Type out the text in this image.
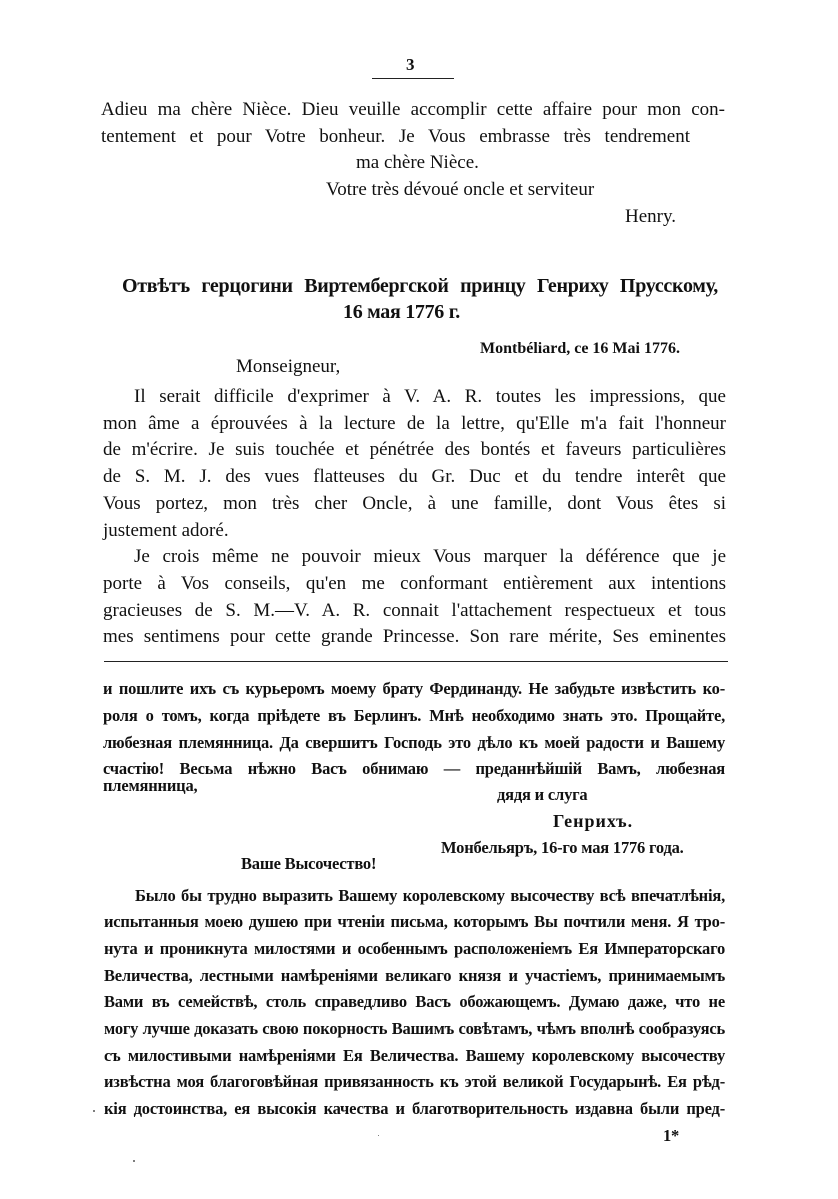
3
Adieu ma chère Nièce. Dieu veuille accomplir cette affaire pour mon con-
tentement et pour Votre bonheur. Je Vous embrasse très tendrement
ma chère Nièce.
Votre très dévoué oncle et serviteur
Henry.
Отвѣтъ герцогини Виртембергской принцу Генриху Прусскому,
16 мая 1776 г.
Montbéliard, ce 16 Mai 1776.
Monseigneur,
Il serait difficile d'exprimer à V. A. R. toutes les impressions, que
mon âme a éprouvées à la lecture de la lettre, qu'Elle m'a fait l'honneur
de m'écrire. Je suis touchée et pénétrée des bontés et faveurs particulières
de S. M. J. des vues flatteuses du Gr. Duc et du tendre interêt que
Vous portez, mon très cher Oncle, à une famille, dont Vous êtes si
justement adoré.
Je crois même ne pouvoir mieux Vous marquer la déférence que je
porte à Vos conseils, qu'en me conformant entièrement aux intentions
gracieuses de S. M.—V. A. R. connait l'attachement respectueux et tous
mes sentimens pour cette grande Princesse. Son rare mérite, Ses eminentes
и пошлите ихъ съ курьеромъ моему брату Фердинанду. Не забудьте извѣстить ко-
роля о томъ, когда пріѣдете въ Берлинъ. Мнѣ необходимо знать это. Прощайте,
любезная племянница. Да свершитъ Господь это дѣло къ моей радости и Вашему
счастію! Весьма нѣжно Васъ обнимаю — преданнѣйшій Вамъ, любезная племянница,	дядя и слуга
Генрихъ.
Монбельяръ, 16-го мая 1776 года.
Ваше Высочество!
Было бы трудно выразить Вашему королевскому высочеству всѣ впечатлѣнія,
испытанныя моею душею при чтеніи письма, которымъ Вы почтили меня. Я тро-
нута и проникнута милостями и особеннымъ расположеніемъ Ея Императорскаго
Величества, лестными намѣреніями великаго князя и участіемъ, принимаемымъ
Вами въ семействѣ, столь справедливо Васъ обожающемъ. Думаю даже, что не
могу лучше доказать свою покорность Вашимъ совѣтамъ, чѣмъ вполнѣ сообразуясь
съ милостивыми намѣреніями Ея Величества. Вашему королевскому высочеству
извѣстна моя благоговѣйная привязанность къ этой великой Государынѣ. Ея рѣд-
кія достоинства, ея высокія качества и благотворительность издавна были пред-
1*
